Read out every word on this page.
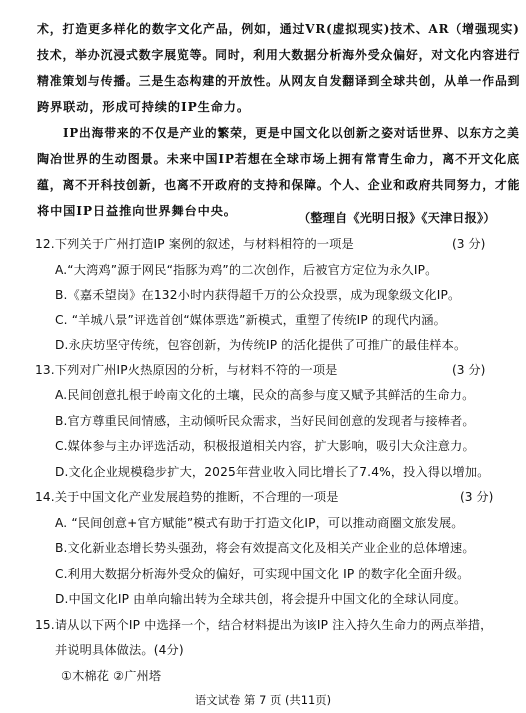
术，打造更多样化的数字文化产品，例如，通过VR(虚拟现实)技术、AR（增强现实)
技术，举办沉浸式数字展览等。同时，利用大数据分析海外受众偏好，对文化内容进行
精准策划与传播。三是生态构建的开放性。从网友自发翻译到全球共创，从单一作品到
跨界联动，形成可持续的IP生命力。
IP出海带来的不仅是产业的繁荣，更是中国文化以创新之姿对话世界、以东方之美
陶冶世界的生动图景。未来中国IP若想在全球市场上拥有常青生命力，离不开文化底
蕴，离不开科技创新，也离不开政府的支持和保障。个人、企业和政府共同努力，才能
将中国IP日益推向世界舞台中央。	（整理自《光明日报》《天津日报》）
12.下列关于广州打造IP 案例的叙述，与材料相符的一项是	(3 分)
A.“大湾鸡”源于网民“指豚为鸡”的二次创作，后被官方定位为永久IP。
B.《嘉禾望岗》在132小时内获得超千万的公众投票，成为现象级文化IP。
C. “羊城八景”评选首创“媒体票选”新模式，重塑了传统IP 的现代内涵。
D.永庆坊坚守传统，包容创新，为传统IP 的活化提供了可推广的最佳样本。
13.下列对广州IP火热原因的分析，与材料不符的一项是	(3 分)
A.民间创意扎根于岭南文化的土壤，民众的高参与度又赋予其鲜活的生命力。
B.官方尊重民间情感，主动倾听民众需求，当好民间创意的发现者与接棒者。
C.媒体参与主办评选活动，积极报道相关内容，扩大影响，吸引大众注意力。
D.文化企业规模稳步扩大，2025年营业收入同比增长了7.4%，投入得以增加。
14.关于中国文化产业发展趋势的推断，不合理的一项是	(3 分)
A. “民间创意+官方赋能”模式有助于打造文化IP，可以推动商圈文旅发展。
B.文化新业态增长势头强劲，将会有效提高文化及相关产业企业的总体增速。
C.利用大数据分析海外受众的偏好，可实现中国文化 IP 的数字化全面升级。
D.中国文化IP 由单向输出转为全球共创，将会提升中国文化的全球认同度。
15.请从以下两个IP 中选择一个，结合材料提出为该IP 注入持久生命力的两点举措，
并说明具体做法。(4分)
①木棉花 ②广州塔
语文试卷 第 7 页 (共11页)
